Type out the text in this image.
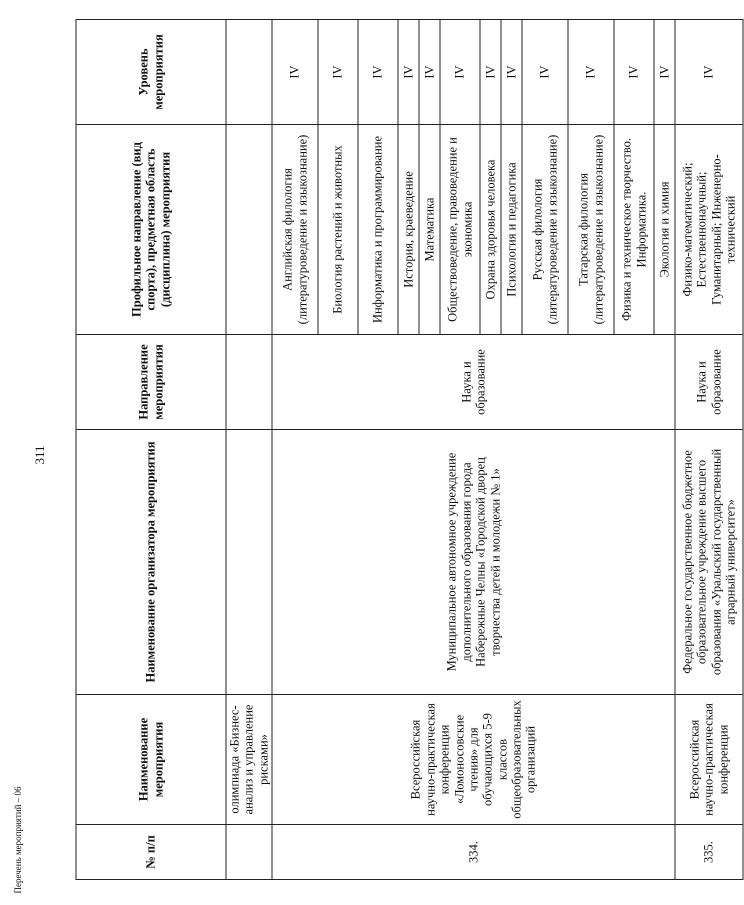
311
№ п/п	Наименование мероприятия	Наименование организатора мероприятия	Направление мероприятия	Профильное направление (вид спорта), предметная область (дисциплина) мероприятия	Уровень мероприятия
	олимпиада «Бизнес-анализ и управление рисками»				
334.	Всероссийская научно-практическая конференция «Ломоносовские чтения» для обучающихся 5-9 классов общеобразовательных организаций	Муниципальное автономное учреждение дополнительного образования города Набережные Челны «Городской дворец творчества детей и молодежи № 1»	Наука и образование	Английская филология (литературоведение и языкознание)	IV
				Биология растений и животных	IV
				Информатика и программирование	IV
				История, краеведение	IV
				Математика	IV
				Обществоведение, правоведение и экономика	IV
				Охрана здоровья человека	IV
				Психология и педагогика	IV
				Русская филология (литературоведение и языкознание)	IV
				Татарская филология (литературоведение и языкознание)	IV
				Физика и техническое творчество. Информатика.	IV
				Экология и химия	IV
335.	Всероссийская научно-практическая конференция	Федеральное государственное бюджетное образовательное учреждение высшего образования «Уральский государственный аграрный университет»	Наука и образование	Физико-математический; Естественнонаучный; Гуманитарный; Инженерно-технический	IV
Перечень мероприятий – 06
